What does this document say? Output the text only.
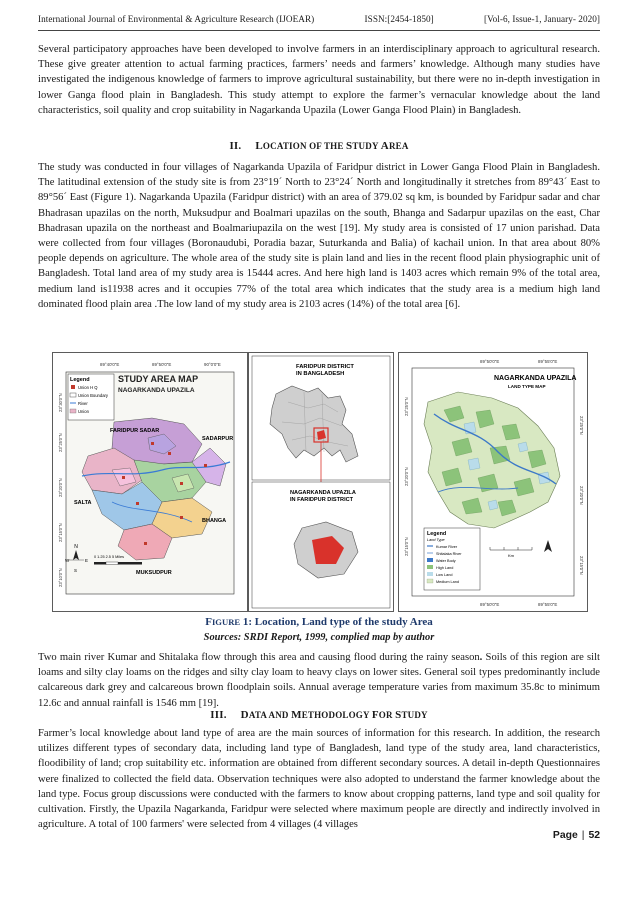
International Journal of Environmental & Agriculture Research (IJOEAR)	ISSN:[2454-1850]	[Vol-6, Issue-1, January- 2020]

Several participatory approaches have been developed to involve farmers in an interdisciplinary approach to agricultural research. These give greater attention to actual farming practices, farmers’ needs and farmers’ knowledge. Although many studies have investigated the indigenous knowledge of farmers to improve agricultural sustainability, but there were no in-depth investigation in lower Ganga flood plain in Bangladesh. This study attempt to explore the farmer’s vernacular knowledge about the land characteristics, soil quality and crop suitability in Nagarkanda Upazila (Lower Ganga Flood Plain) in Bangladesh.

II. LOCATION OF THE STUDY AREA

The study was conducted in four villages of Nagarkanda Upazila of Faridpur district in Lower Ganga Flood Plain in Bangladesh. The latitudinal extension of the study site is from 23°19´ North to 23°24´ North and longitudinally it stretches from 89°43´ East to 89°56´ East (Figure 1). Nagarkanda Upazila (Faridpur district) with an area of 379.02 sq km, is bounded by Faridpur sadar and char Bhadrasan upazilas on the north, Muksudpur and Boalmari upazilas on the south, Bhanga and Sadarpur upazilas on the east, Char Bhadrasan upazila on the northeast and Boalmariupazila on the west [19]. My study area is consisted of 17 union parishad. Data were collected from four villages (Boronaudubi, Poradia bazar, Suturkanda and Balia) of kachail union. In that area about 80% people depends on agriculture. The whole area of the study site is plain land and lies in the recent flood plain physiographic unit of Bangladesh. Total land area of my study area is 15444 acres. And here high land is 1403 acres which remain 9% of the total area, medium land is11938 acres and it occupies 77% of the total area which indicates that the study area is a medium high land dominated flood plain area .The low land of my study area is 2103 acres (14%) of the total area [6].

89°40'0"E	89°50'0"E	90°0'0"E
23°30'0"N
23°25'0"N
23°20'0"N
23°15'0"N
23°10'0"N
Legend
Union H Q
Union Boundary
River
Union
STUDY AREA MAP
NAGARKANDA UPAZILA
FARIDPUR SADAR
SADARPUR
SALTA
BHANGA
MUKSUDPUR
N
W	E
S
0 1.25 2.5 5 Miles
FARIDPUR DISTRICT
IN BANGLADESH
NAGARKANDA UPAZILA
IN FARIDPUR DISTRICT
89°50'0"E	89°55'0"E
89°50'0"E	89°55'0"E
23°25'0"N
23°20'0"N
23°15'0"N
23°25'0"N
23°20'0"N
23°15'0"N
NAGARKANDA UPAZILA
LAND TYPE MAP
Legend
Land Type
Kumar River
Shitalaka River
Water Body
High Land
Low Land
Medium Land
Km
FIGURE 1: Location, Land type of the study Area
Sources: SRDI Report, 1999, complied map by author

Two main river Kumar and Shitalaka flow through this area and causing flood during the rainy season. Soils of this region are silt loams and silty clay loams on the ridges and silty clay loam to heavy clays on lower sites. General soil types predominantly include calcareous dark grey and calcareous brown floodplain soils. Annual average temperature varies from maximum 35.8c to minimum 12.6c and annual rainfall is 1546 mm [19].

III. DATA AND METHODOLOGY FOR STUDY

Farmer’s local knowledge about land type of area are the main sources of information for this research. In addition, the research utilizes different types of secondary data, including land type of Bangladesh, land type of the study area, land characteristics, floodibility of land; crop suitability etc. information are obtained from different secondary sources. A detail in-depth Questionnaires were finalized to collected the field data. Observation techniques were also adopted to understand the farmer knowledge about the land type. Focus group discussions were conducted with the farmers to know about cropping patterns, land type and soil quality for cultivation. Firstly, the Upazila Nagarkanda, Faridpur were selected where maximum people are directly and indirectly involved in agriculture. A total of 100 farmers' were selected from 4 villages (4 villages

Page | 52
